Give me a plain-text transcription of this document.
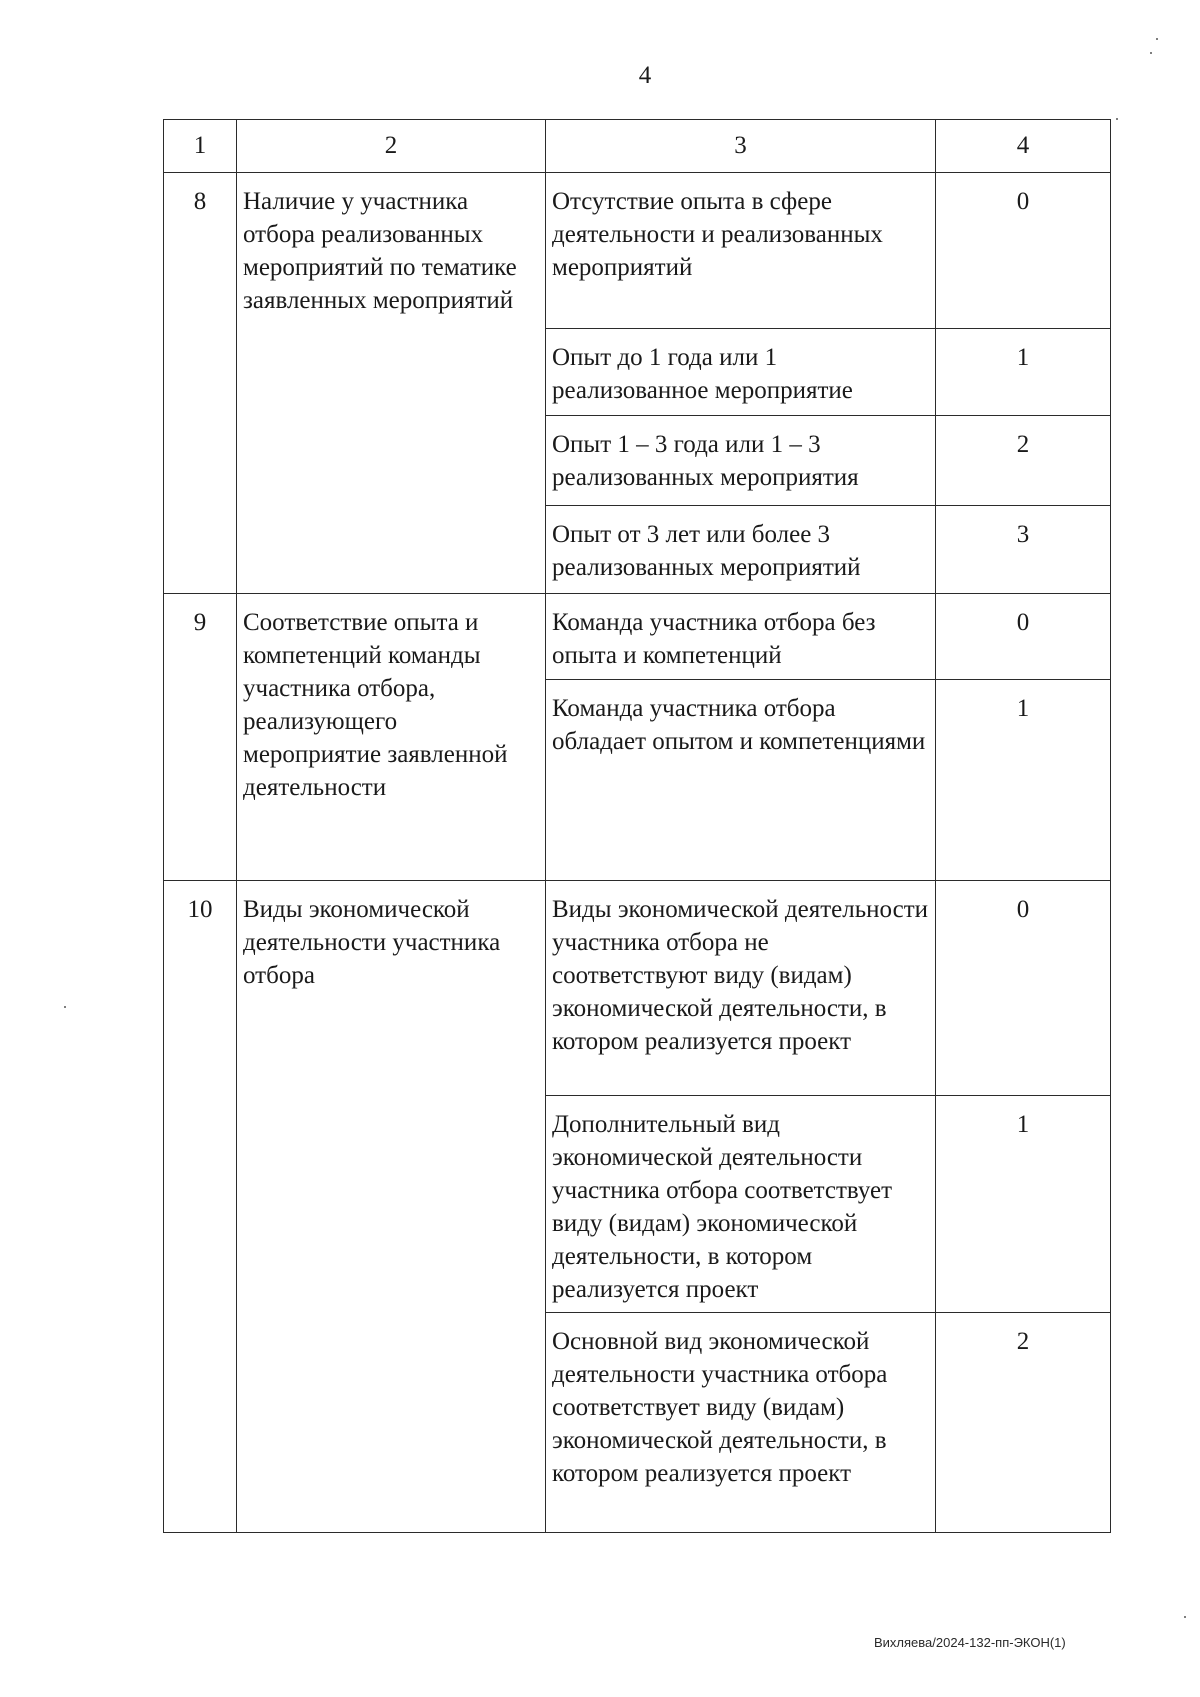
4
1	2	3	4
8	Наличие у участника отбора реализованных мероприятий по тематике заявленных мероприятий	Отсутствие опыта в сфере деятельности и реализованных мероприятий	0
		Опыт до 1 года или 1 реализованное мероприятие	1
		Опыт 1 – 3 года или 1 – 3 реализованных мероприятия	2
		Опыт от 3 лет или более 3 реализованных мероприятий	3
9	Соответствие опыта и компетенций команды участника отбора, реализующего мероприятие заявленной деятельности	Команда участника отбора без опыта и компетенций	0
		Команда участника отбора обладает опытом и компетенциями	1
10	Виды экономической деятельности участника отбора	Виды экономической деятельности участника отбора не соответствуют виду (видам) экономической деятельности, в котором реализуется проект	0
		Дополнительный вид экономической деятельности участника отбора соответствует виду (видам) экономической деятельности, в котором реализуется проект	1
		Основной вид экономической деятельности участника отбора соответствует виду (видам) экономической деятельности, в котором реализуется проект	2
Вихляева/2024-132-пп-ЭКОН(1)
